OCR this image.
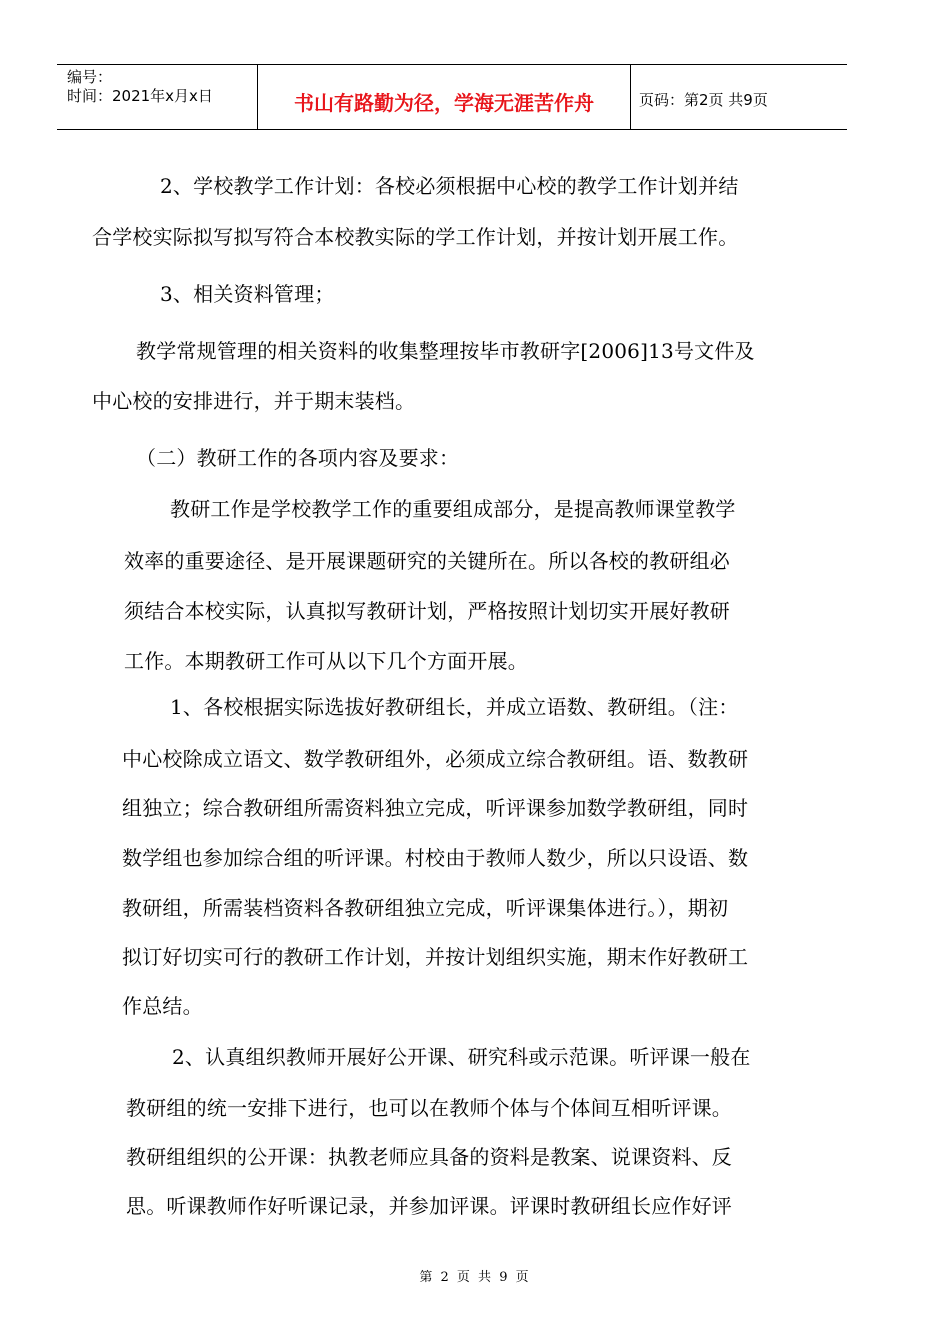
编号：
时间：2021年x月x日	书山有路勤为径，学海无涯苦作舟	页码：第2页 共9页
2、学校教学工作计划：各校必须根据中心校的教学工作计划并结
合学校实际拟写拟写符合本校教实际的学工作计划，并按计划开展工作。
3、相关资料管理；
教学常规管理的相关资料的收集整理按毕市教研字[2006]13号文件及
中心校的安排进行，并于期末装档。
（二）教研工作的各项内容及要求：
教研工作是学校教学工作的重要组成部分，是提高教师课堂教学
效率的重要途径、是开展课题研究的关键所在。所以各校的教研组必
须结合本校实际，认真拟写教研计划，严格按照计划切实开展好教研
工作。本期教研工作可从以下几个方面开展。
1、各校根据实际选拔好教研组长，并成立语数、教研组。（注：
中心校除成立语文、数学教研组外，必须成立综合教研组。语、数教研
组独立；综合教研组所需资料独立完成，听评课参加数学教研组，同时
数学组也参加综合组的听评课。村校由于教师人数少，所以只设语、数
教研组，所需装档资料各教研组独立完成，听评课集体进行。），期初
拟订好切实可行的教研工作计划，并按计划组织实施，期末作好教研工
作总结。
2、认真组织教师开展好公开课、研究科或示范课。听评课一般在
教研组的统一安排下进行，也可以在教师个体与个体间互相听评课。
教研组组织的公开课：执教老师应具备的资料是教案、说课资料、反
思。听课教师作好听课记录，并参加评课。评课时教研组长应作好评
第 2 页 共 9 页
